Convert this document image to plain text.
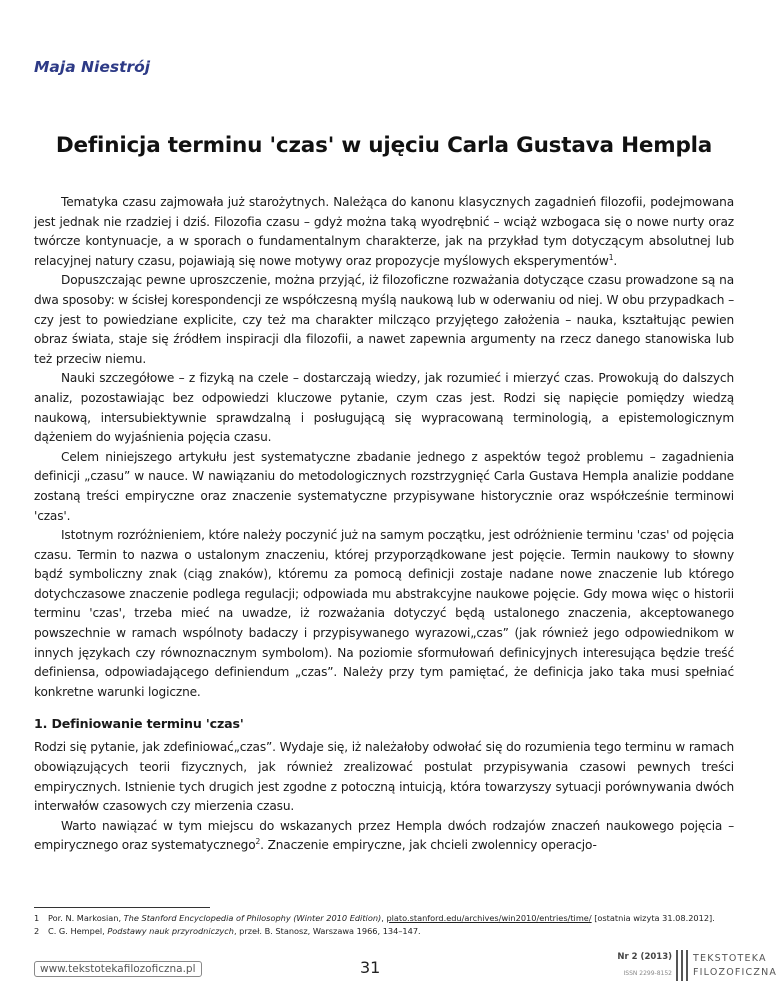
Maja Niestrój
Definicja terminu 'czas' w ujęciu Carla Gustava Hempla

Tematyka czasu zajmowała już starożytnych. Należąca do kanonu klasycznych zagadnień filozofii, podejmowana jest jednak nie rzadziej i dziś. Filozofia czasu – gdyż można taką wyodrębnić – wciąż wzbogaca się o nowe nurty oraz twórcze kontynuacje, a w sporach o fundamentalnym charakterze, jak na przykład tym dotyczącym absolutnej lub relacyjnej natury czasu, pojawiają się nowe motywy oraz propozycje myślowych eksperymentów$^1$.

Dopuszczając pewne uproszczenie, można przyjąć, iż filozoficzne rozważania dotyczące czasu prowadzone są na dwa sposoby: w ścisłej korespondencji ze współczesną myślą naukową lub w oderwaniu od niej. W obu przypadkach – czy jest to powiedziane explicite, czy też ma charakter milcząco przyjętego założenia – nauka, kształtując pewien obraz świata, staje się źródłem inspiracji dla filozofii, a nawet zapewnia argumenty na rzecz danego stanowiska lub też przeciw niemu.

Nauki szczegółowe – z fizyką na czele – dostarczają wiedzy, jak rozumieć i mierzyć czas. Prowokują do dalszych analiz, pozostawiając bez odpowiedzi kluczowe pytanie, czym czas jest. Rodzi się napięcie pomiędzy wiedzą naukową, intersubiektywnie sprawdzalną i posługującą się wypracowaną terminologią, a epistemologicznym dążeniem do wyjaśnienia pojęcia czasu.

Celem niniejszego artykułu jest systematyczne zbadanie jednego z aspektów tegoż problemu – zagadnienia definicji „czasu” w nauce. W nawiązaniu do metodologicznych rozstrzygnięć Carla Gustava Hempla analizie poddane zostaną treści empiryczne oraz znaczenie systematyczne przypisywane historycznie oraz współcześnie terminowi 'czas'.

Istotnym rozróżnieniem, które należy poczynić już na samym początku, jest odróżnienie terminu 'czas' od pojęcia czasu. Termin to nazwa o ustalonym znaczeniu, której przyporządkowane jest pojęcie. Termin naukowy to słowny bądź symboliczny znak (ciąg znaków), któremu za pomocą definicji zostaje nadane nowe znaczenie lub którego dotychczasowe znaczenie podlega regulacji; odpowiada mu abstrakcyjne naukowe pojęcie. Gdy mowa więc o historii terminu 'czas', trzeba mieć na uwadze, iż rozważania dotyczyć będą ustalonego znaczenia, akceptowanego powszechnie w ramach wspólnoty badaczy i przypisywanego wyrazowi„czas” (jak również jego odpowiednikom w innych językach czy równoznacznym symbolom). Na poziomie sformułowań definicyjnych interesująca będzie treść definiensa, odpowiadającego definiendum „czas”. Należy przy tym pamiętać, że definicja jako taka musi spełniać konkretne warunki logiczne.

1. Definiowanie terminu 'czas'

Rodzi się pytanie, jak zdefiniować„czas”. Wydaje się, iż należałoby odwołać się do rozumienia tego terminu w ramach obowiązujących teorii fizycznych, jak również zrealizować postulat przypisywania czasowi pewnych treści empirycznych. Istnienie tych drugich jest zgodne z potoczną intuicją, która towarzyszy sytuacji porównywania dwóch interwałów czasowych czy mierzenia czasu.

Warto nawiązać w tym miejscu do wskazanych przez Hempla dwóch rodzajów znaczeń naukowego pojęcia – empirycznego oraz systematycznego$^2$. Znaczenie empiryczne, jak chcieli zwolennicy operacjo-

1 Por. N. Markosian, The Stanford Encyclopedia of Philosophy (Winter 2010 Edition), plato.stanford.edu/archives/win2010/entries/time/ [ostatnia wizyta 31.08.2012].

2 C. G. Hempel, Podstawy nauk przyrodniczych, przeł. B. Stanosz, Warszawa 1966, 134–147.

www.tekstotekafilozoficzna.pl	31
Nr 2 (2013)
ISSN 2299-8152
TEKSTOTEKA
FILOZOFICZNA
